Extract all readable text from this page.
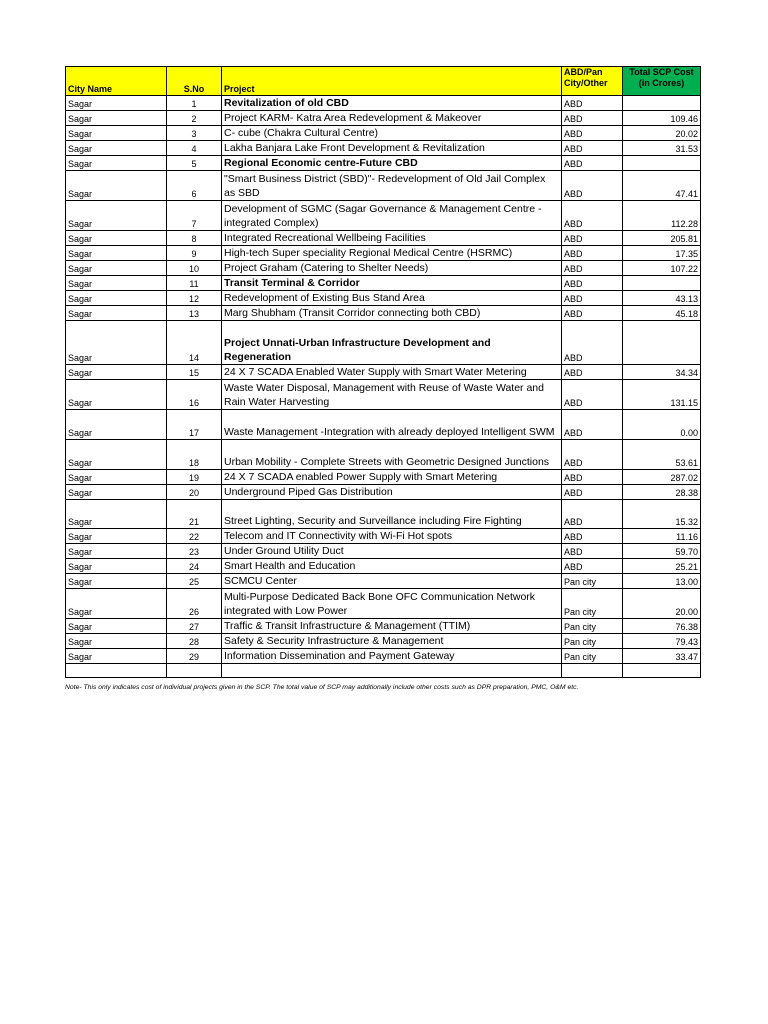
City Name	S.No	Project	ABD/Pan City/Other	Total SCP Cost (in Crores)
Sagar	1	Revitalization of old CBD	ABD	
Sagar	2	Project KARM- Katra Area Redevelopment & Makeover	ABD	109.46
Sagar	3	C- cube (Chakra Cultural Centre)	ABD	20.02
Sagar	4	Lakha Banjara Lake Front Development & Revitalization	ABD	31.53
Sagar	5	Regional Economic centre-Future CBD	ABD	
Sagar	6	"Smart Business District (SBD)"- Redevelopment of Old Jail Complex as SBD	ABD	47.41
Sagar	7	Development of SGMC (Sagar Governance & Management Centre - integrated Complex)	ABD	112.28
Sagar	8	Integrated Recreational Wellbeing Facilities	ABD	205.81
Sagar	9	High-tech Super speciality Regional Medical Centre (HSRMC)	ABD	17.35
Sagar	10	Project Graham (Catering to Shelter Needs)	ABD	107.22
Sagar	11	Transit Terminal & Corridor	ABD	
Sagar	12	Redevelopment of Existing Bus Stand Area	ABD	43.13
Sagar	13	Marg Shubham (Transit Corridor connecting both CBD)	ABD	45.18
Sagar	14	Project Unnati-Urban Infrastructure Development and Regeneration	ABD	
Sagar	15	24 X 7 SCADA Enabled Water Supply with Smart Water Metering	ABD	34.34
Sagar	16	Waste Water Disposal, Management with Reuse of Waste Water and Rain Water Harvesting	ABD	131.15
Sagar	17	Waste Management -Integration with already deployed Intelligent SWM	ABD	0.00
Sagar	18	Urban Mobility - Complete Streets with Geometric Designed Junctions	ABD	53.61
Sagar	19	24 X 7 SCADA enabled Power Supply with Smart Metering	ABD	287.02
Sagar	20	Underground Piped Gas Distribution	ABD	28.38
Sagar	21	Street Lighting, Security and Surveillance including Fire Fighting	ABD	15.32
Sagar	22	Telecom and IT Connectivity with Wi-Fi Hot spots	ABD	11.16
Sagar	23	Under Ground Utility Duct	ABD	59.70
Sagar	24	Smart Health and Education	ABD	25.21
Sagar	25	SCMCU Center	Pan city	13.00
Sagar	26	Multi-Purpose Dedicated Back Bone OFC Communication Network integrated with Low Power	Pan city	20.00
Sagar	27	Traffic & Transit Infrastructure & Management (TTIM)	Pan city	76.38
Sagar	28	Safety & Security Infrastructure & Management	Pan city	79.43
Sagar	29	Information Dissemination and Payment Gateway	Pan city	33.47

Note- This only indicates cost of individual projects given in the SCP. The total value of SCP may additionally include other costs such as DPR preparation, PMC, O&M etc.
